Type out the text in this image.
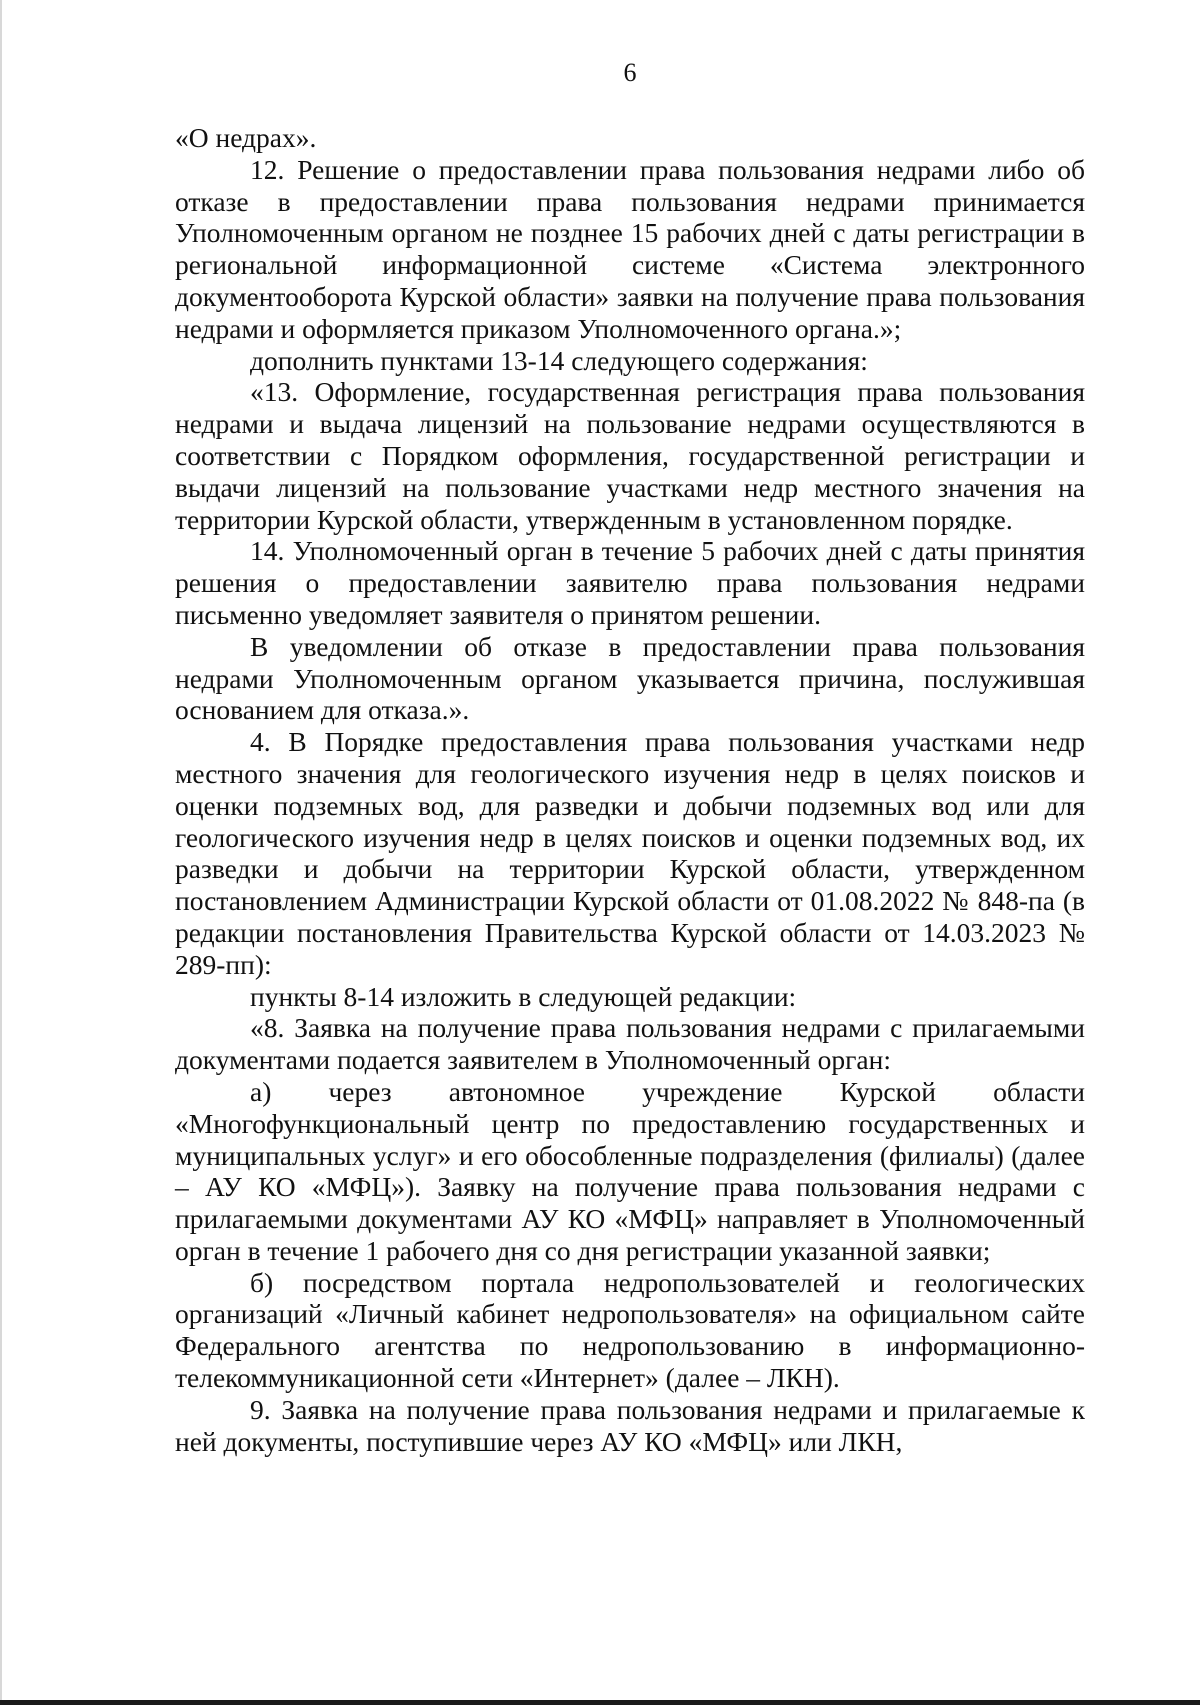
6

«О недрах».

12. Решение о предоставлении права пользования недрами либо об отказе в предоставлении права пользования недрами принимается Уполномоченным органом не позднее 15 рабочих дней с даты регистрации в региональной информационной системе «Система электронного документооборота Курской области» заявки на получение права пользования недрами и оформляется приказом Уполномоченного органа.»;

дополнить пунктами 13-14 следующего содержания:

«13. Оформление, государственная регистрация права пользования недрами и выдача лицензий на пользование недрами осуществляются в соответствии с Порядком оформления, государственной регистрации и выдачи лицензий на пользование участками недр местного значения на территории Курской области, утвержденным в установленном порядке.

14. Уполномоченный орган в течение 5 рабочих дней с даты принятия решения о предоставлении заявителю права пользования недрами письменно уведомляет заявителя о принятом решении.

В уведомлении об отказе в предоставлении права пользования недрами Уполномоченным органом указывается причина, послужившая основанием для отказа.».

4. В Порядке предоставления права пользования участками недр местного значения для геологического изучения недр в целях поисков и оценки подземных вод, для разведки и добычи подземных вод или для геологического изучения недр в целях поисков и оценки подземных вод, их разведки и добычи на территории Курской области, утвержденном постановлением Администрации Курской области от 01.08.2022 № 848-па (в редакции постановления Правительства Курской области от 14.03.2023 № 289-пп):

пункты 8-14 изложить в следующей редакции:

«8. Заявка на получение права пользования недрами с прилагаемыми документами подается заявителем в Уполномоченный орган:

а) через автономное учреждение Курской области «Многофункциональный центр по предоставлению государственных и муниципальных услуг» и его обособленные подразделения (филиалы) (далее – АУ КО «МФЦ»). Заявку на получение права пользования недрами с прилагаемыми документами АУ КО «МФЦ» направляет в Уполномоченный орган в течение 1 рабочего дня со дня регистрации указанной заявки;

б) посредством портала недропользователей и геологических организаций «Личный кабинет недропользователя» на официальном сайте Федерального агентства по недропользованию в информационно-телекоммуникационной сети «Интернет» (далее – ЛКН).

9. Заявка на получение права пользования недрами и прилагаемые к ней документы, поступившие через АУ КО «МФЦ» или ЛКН,
